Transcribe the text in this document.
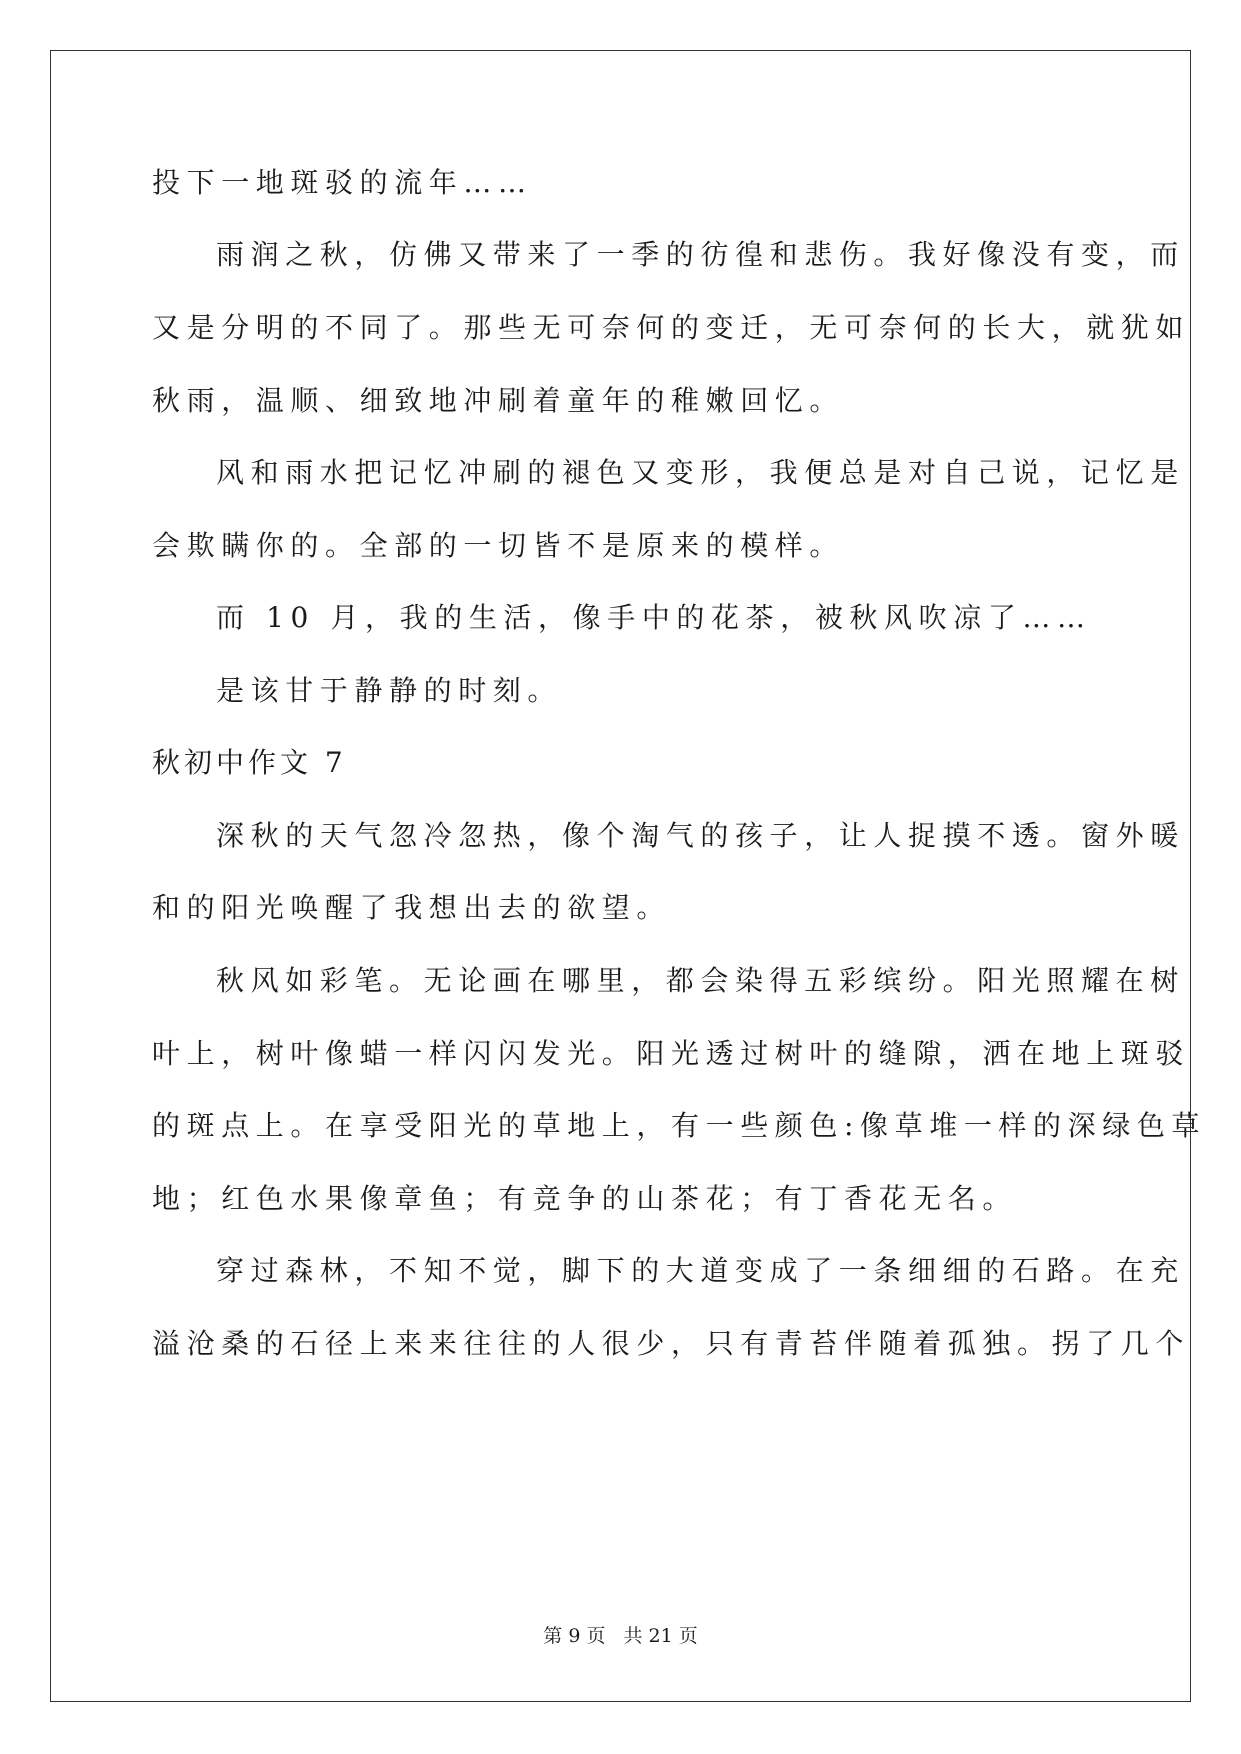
投下一地斑驳的流年……
雨润之秋，仿佛又带来了一季的彷徨和悲伤。我好像没有变，而
又是分明的不同了。那些无可奈何的变迁，无可奈何的长大，就犹如
秋雨，温顺、细致地冲刷着童年的稚嫩回忆。
风和雨水把记忆冲刷的褪色又变形，我便总是对自己说，记忆是
会欺瞒你的。全部的一切皆不是原来的模样。
而 10 月，我的生活，像手中的花茶，被秋风吹凉了……
是该甘于静静的时刻。
秋初中作文 7
深秋的天气忽冷忽热，像个淘气的孩子，让人捉摸不透。窗外暖
和的阳光唤醒了我想出去的欲望。
秋风如彩笔。无论画在哪里，都会染得五彩缤纷。阳光照耀在树
叶上，树叶像蜡一样闪闪发光。阳光透过树叶的缝隙，洒在地上斑驳
的斑点上。在享受阳光的草地上，有一些颜色:像草堆一样的深绿色草
地；红色水果像章鱼；有竞争的山茶花；有丁香花无名。
穿过森林，不知不觉，脚下的大道变成了一条细细的石路。在充
溢沧桑的石径上来来往往的人很少，只有青苔伴随着孤独。拐了几个
第 9 页 共 21 页
